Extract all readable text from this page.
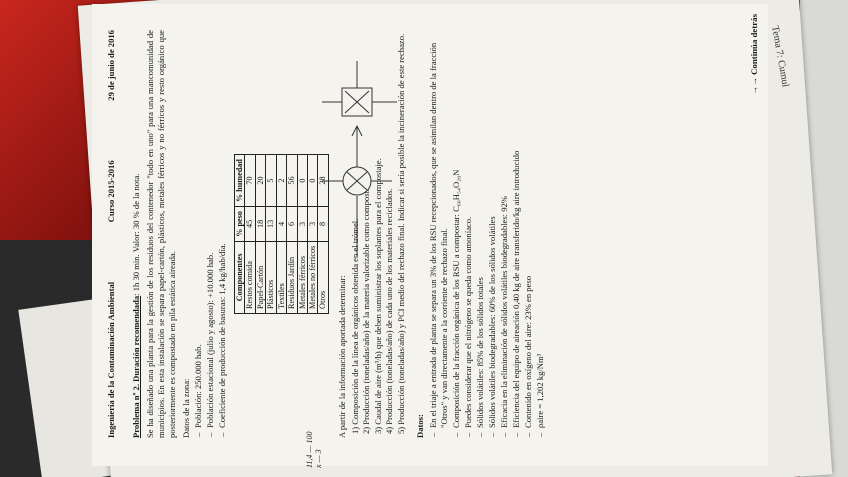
Tema 7: Cumul
Ingeniería de la Contaminación Ambiental
Curso 2015-2016
29 de junio de 2016
Problema nº 2. Duración recomendada: 1h 30 min. Valor: 30 % de la nota. Se ha diseñado una planta para la gestión de los residuos del contenedor "todo en uno" para una mancomunidad de municipios. En esta instalación se separa papel-cartón, plásticos, metales férricos y no férricos y resto orgánico que posteriormente es compostado en pila estática aireada. Datos de la zona: – Población: 250.000 hab. – Población estacional (julio y agosto): +10.000 hab. – Coeficiente de producción de basuras: 1,4 kg/hab/día. Componentes	% peso	% humedad
Restos comida	45	70
Papel-Cartón	18	20
Plásticos	13	5
Textiles	4	2
Residuos Jardín	6	56
Metales férricos	3	0
Metales no férricos	3	0
Otros	8	28
A partir de la información aportada determinar: 1) Composición de la línea de orgánicos obtenida en el trómel. 2) Producción (toneladas/año) de la materia valorizable como compost. 3) Caudal de aire (m³/h) que deben suministrar los soplantes para el compostaje. 4) Producción (toneladas/año) de cada uno de los materiales reciclados. 5) Producción (toneladas/año) y PCI medio del rechazo final. Indicar si sería posible la incineración de este rechazo. Datos: – En el triaje a entrada de planta se separa un 3% de los RSU recepcionados, que se asimilan dentro de la fracción "Otros" y van directamente a la corriente de rechazo final. – Composición de la fracción orgánica de los RSU a compostar: C₆₀H₅₄O₂₀N – Puedes considerar que el nitrógeno se queda como amoníaco. – Sólidos volátiles: 85% de los sólidos totales – Sólidos volátiles biodegradables: 60% de los sólidos volátiles – Eficacia en la eliminación de sólidos volátiles biodegradables: 92% – Eficiencia del equipo de aireación 0,40 kg de aire transferido/kg aire introducido – Contenido en oxígeno del aire: 23% en peso – ρaire = 1,202 kg/Nm³
11,4 — 100
x — 3
→→ Continúa detrás
